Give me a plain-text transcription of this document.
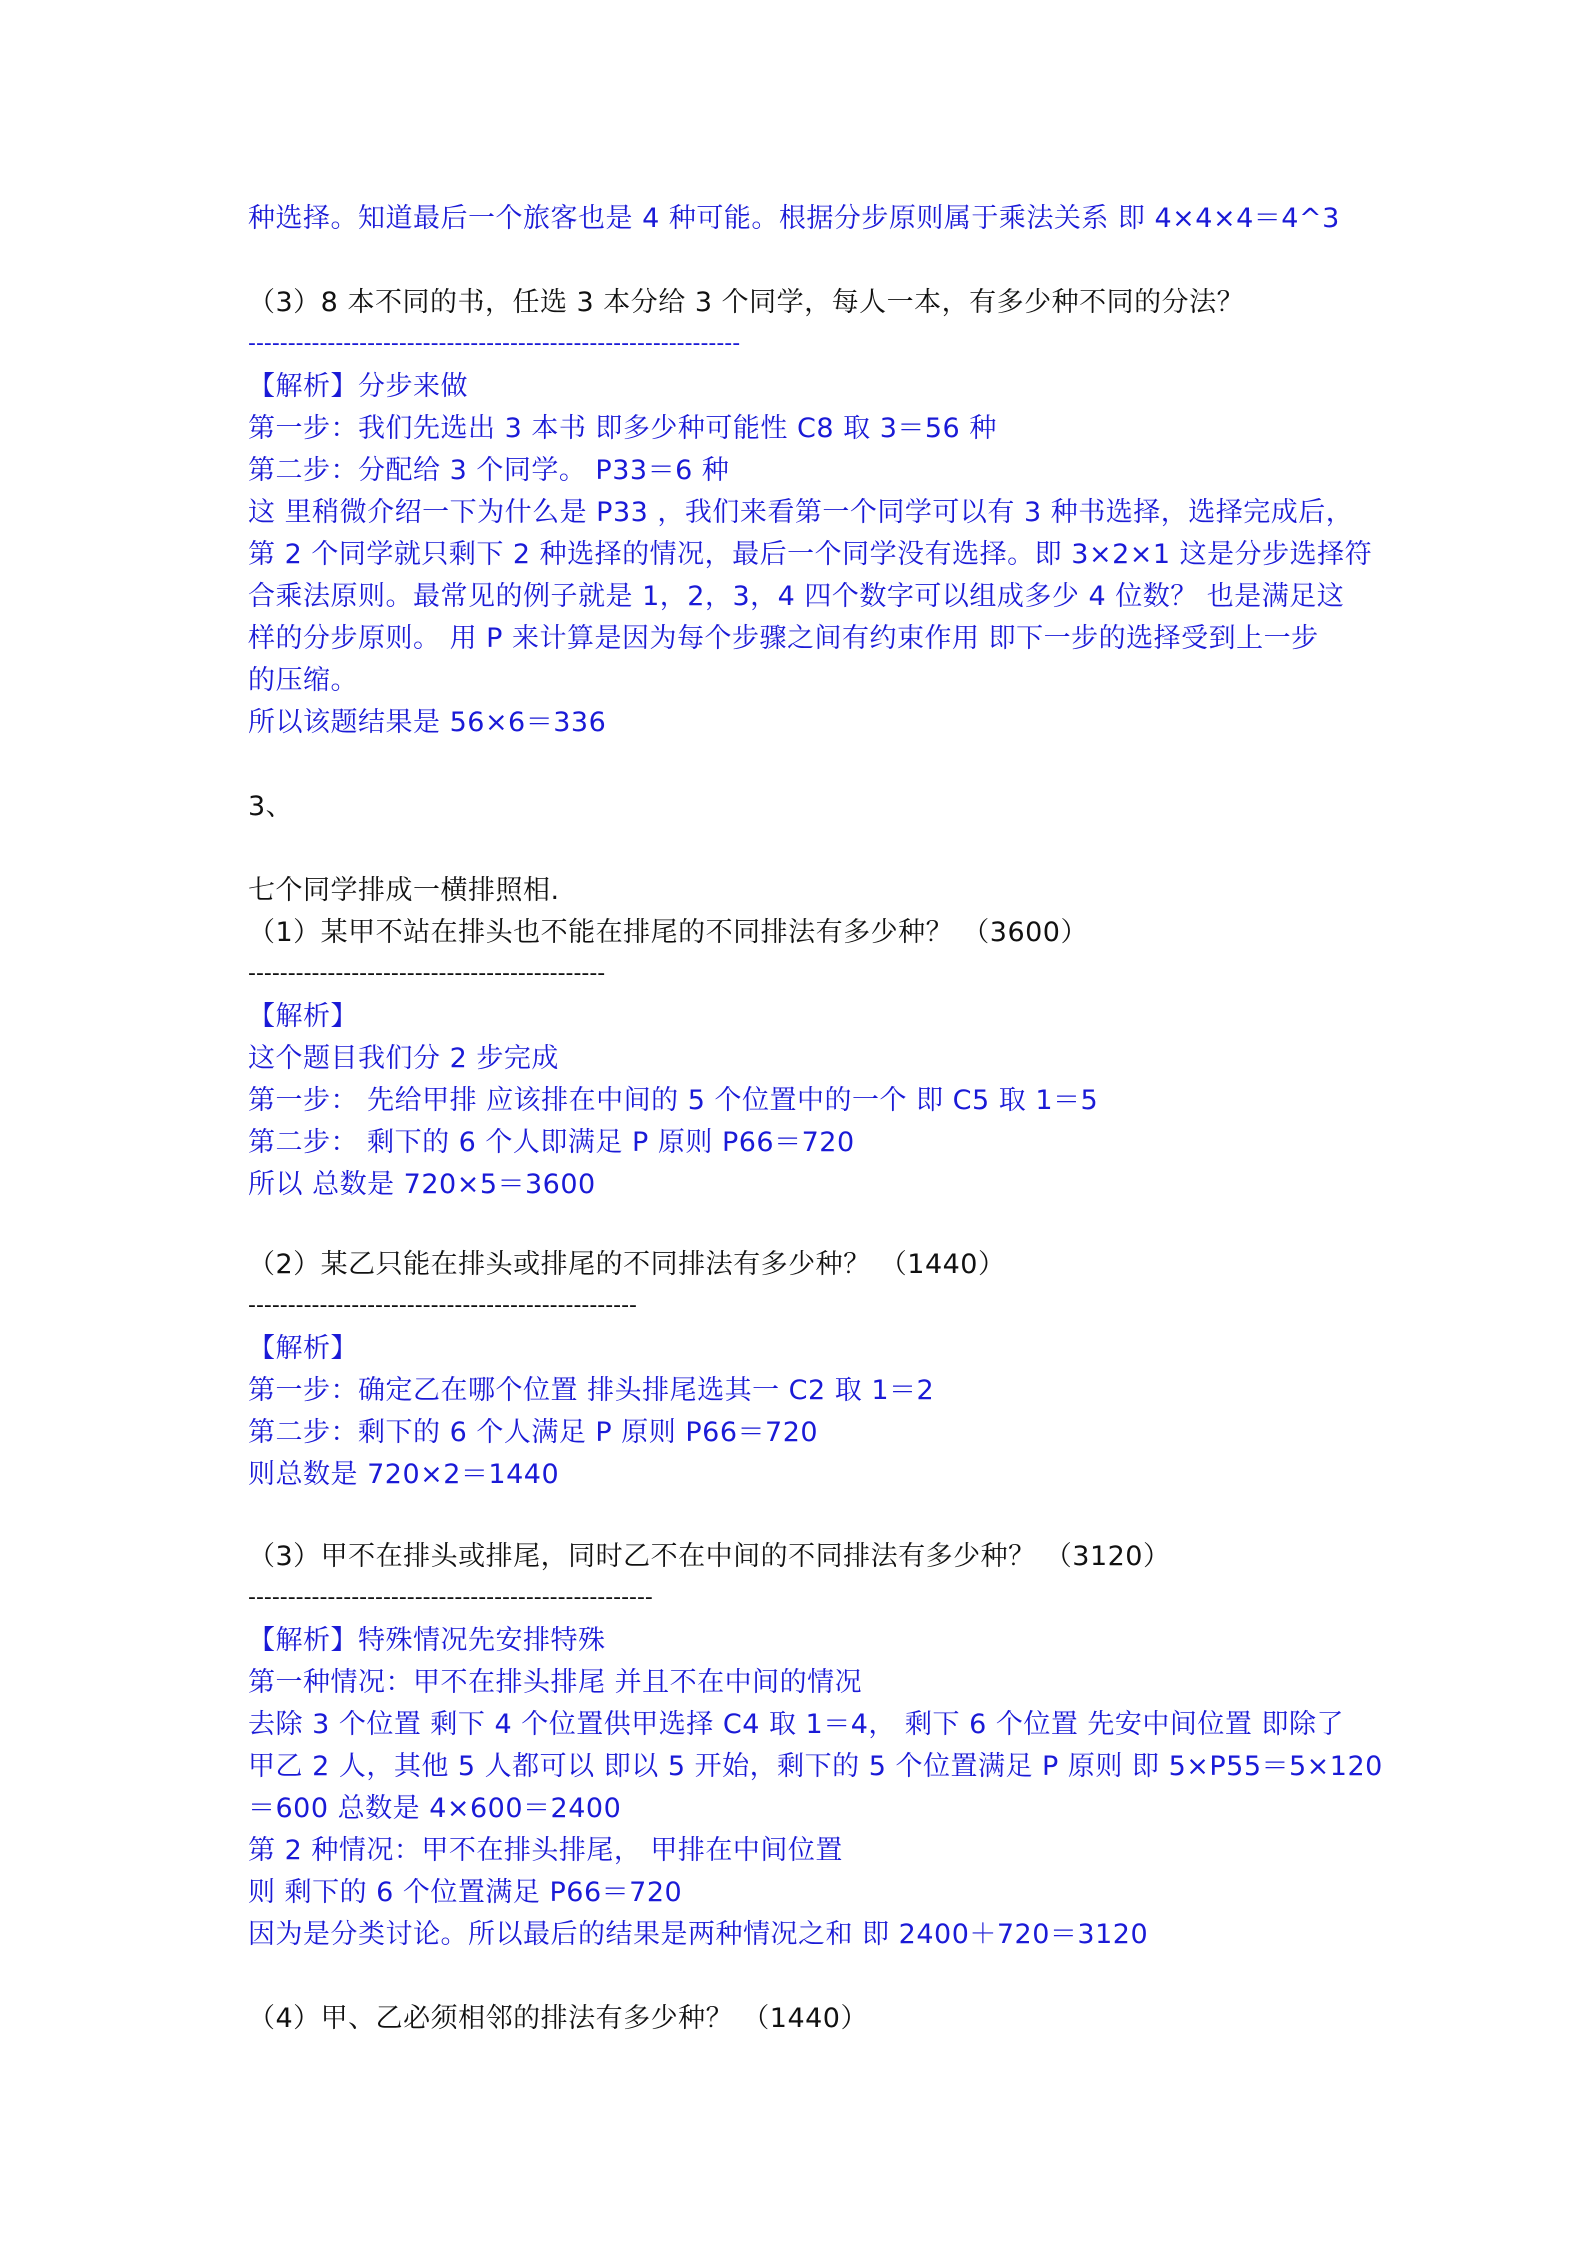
种选择。知道最后一个旅客也是 4 种可能。根据分步原则属于乘法关系 即 4×4×4＝4^3
（3）8 本不同的书，任选 3 本分给 3 个同学，每人一本，有多少种不同的分法？
--------------------------------------------------------------
【解析】分步来做
第一步：我们先选出 3 本书 即多少种可能性 C8 取 3＝56 种
第二步：分配给 3 个同学。 P33＝6 种
这 里稍微介绍一下为什么是 P33 ，我们来看第一个同学可以有 3 种书选择，选择完成后，
第 2 个同学就只剩下 2 种选择的情况，最后一个同学没有选择。即 3×2×1 这是分步选择符
合乘法原则。最常见的例子就是 1，2，3，4 四个数字可以组成多少 4 位数？ 也是满足这
样的分步原则。 用 P 来计算是因为每个步骤之间有约束作用 即下一步的选择受到上一步
的压缩。
所以该题结果是 56×6＝336
3、
七个同学排成一横排照相.
（1）某甲不站在排头也不能在排尾的不同排法有多少种？ （3600）
---------------------------------------------
【解析】
这个题目我们分 2 步完成
第一步： 先给甲排 应该排在中间的 5 个位置中的一个 即 C5 取 1＝5
第二步： 剩下的 6 个人即满足 P 原则 P66＝720
所以 总数是 720×5＝3600
（2）某乙只能在排头或排尾的不同排法有多少种？ （1440）
-------------------------------------------------
【解析】
第一步：确定乙在哪个位置 排头排尾选其一 C2 取 1＝2
第二步：剩下的 6 个人满足 P 原则 P66＝720
则总数是 720×2＝1440
（3）甲不在排头或排尾，同时乙不在中间的不同排法有多少种？ （3120）
---------------------------------------------------
【解析】特殊情况先安排特殊
第一种情况：甲不在排头排尾 并且不在中间的情况
去除 3 个位置 剩下 4 个位置供甲选择 C4 取 1＝4， 剩下 6 个位置 先安中间位置 即除了
甲乙 2 人，其他 5 人都可以 即以 5 开始，剩下的 5 个位置满足 P 原则 即 5×P55＝5×120
＝600 总数是 4×600＝2400
第 2 种情况：甲不在排头排尾， 甲排在中间位置
则 剩下的 6 个位置满足 P66＝720
因为是分类讨论。所以最后的结果是两种情况之和 即 2400＋720＝3120
（4）甲、乙必须相邻的排法有多少种？ （1440）
